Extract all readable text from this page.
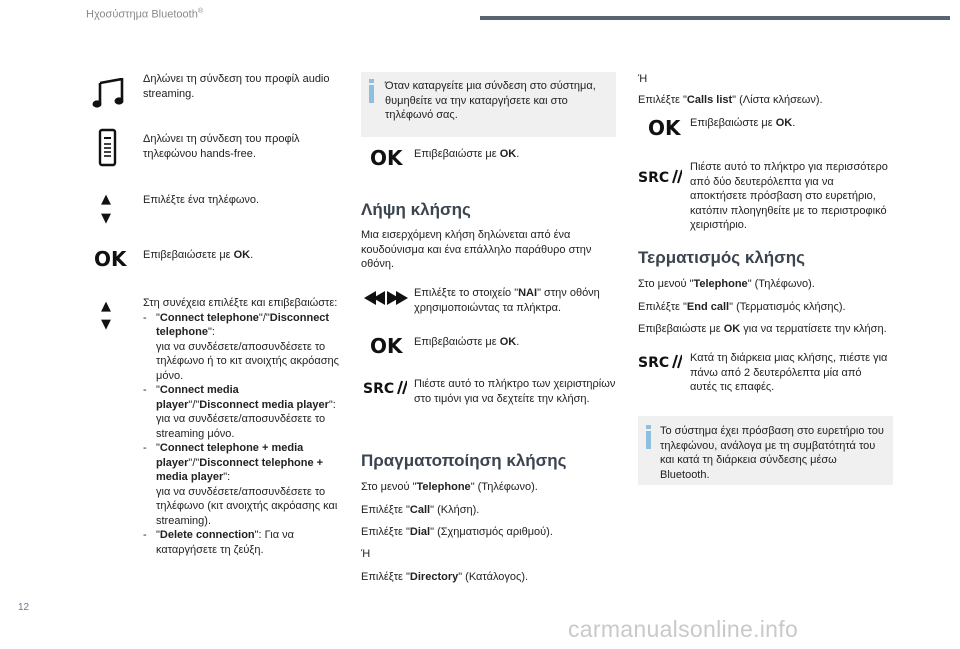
Ηχοσύστημα Bluetooth®
Δηλώνει τη σύνδεση του προφίλ audio streaming.
Δηλώνει τη σύνδεση του προφίλ τηλεφώνου hands-free.
▲
▼
Επιλέξτε ένα τηλέφωνο.
OK Επιβεβαιώσετε με OK.
▲
▼
Στη συνέχεια επιλέξτε και επιβεβαιώστε:
- "Connect telephone"/"Disconnect telephone":
για να συνδέσετε/αποσυνδέσετε το τηλέφωνο ή το κιτ ανοιχτής ακρόασης μόνο.
- "Connect media player"/"Disconnect media player":
για να συνδέσετε/αποσυνδέσετε το streaming μόνο.
- "Connect telephone + media player"/"Disconnect telephone + media player":
για να συνδέσετε/αποσυνδέσετε το τηλέφωνο (κιτ ανοιχτής ακρόασης και streaming).
- "Delete connection": Για να καταργήσετε τη ζεύξη.
Όταν καταργείτε μια σύνδεση στο σύστημα, θυμηθείτε να την καταργήσετε και στο τηλέφωνό σας.
OK Επιβεβαιώστε με OK.
Λήψη κλήσης
Μια εισερχόμενη κλήση δηλώνεται από ένα κουδούνισμα και ένα επάλληλο παράθυρο στην οθόνη.
Επιλέξτε το στοιχείο "ΝΑΙ" στην οθόνη χρησιμοποιώντας τα πλήκτρα.
OK Επιβεβαιώστε με OK.
SRC Πιέστε αυτό το πλήκτρο των χειριστηρίων στο τιμόνι για να δεχτείτε την κλήση.
Πραγματοποίηση κλήσης
Στο μενού "Telephone" (Τηλέφωνο).
Επιλέξτε "Call" (Κλήση).
Επιλέξτε "Dial" (Σχηματισμός αριθμού).
Ή
Επιλέξτε "Directory" (Κατάλογος).
Ή
Επιλέξτε "Calls list" (Λίστα κλήσεων).
OK Επιβεβαιώστε με OK.
SRC
Πιέστε αυτό το πλήκτρο για περισσότερο από δύο δευτερόλεπτα για να αποκτήσετε πρόσβαση στο ευρετήριο, κατόπιν πλοηγηθείτε με το περιστροφικό χειριστήριο.
Τερματισμός κλήσης
Στο μενού "Telephone" (Τηλέφωνο).
Επιλέξτε "End call" (Τερματισμός κλήσης).
Επιβεβαιώστε με OK για να τερματίσετε την κλήση.
SRC Κατά τη διάρκεια μιας κλήσης, πιέστε για πάνω από 2 δευτερόλεπτα μία από αυτές τις επαφές.
Το σύστημα έχει πρόσβαση στο ευρετήριο του τηλεφώνου, ανάλογα με τη συμβατότητά του και κατά τη διάρκεια σύνδεσης μέσω Bluetooth.
12
carmanualsonline.info
